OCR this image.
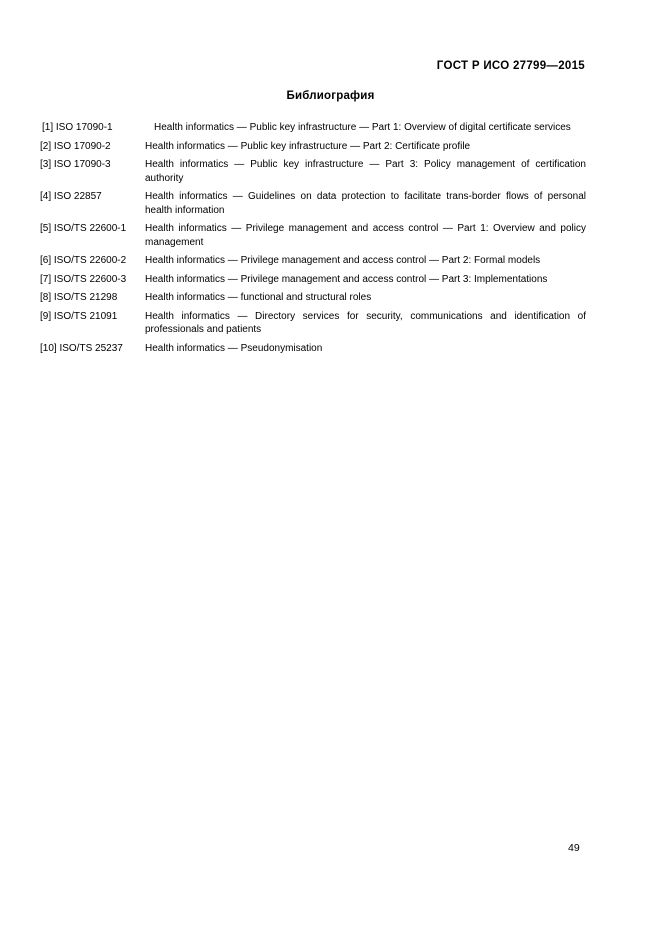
ГОСТ Р ИСО 27799—2015
Библиография
[1] ISO 17090-1	Health informatics — Public key infrastructure — Part 1: Overview of digital certificate services
[2] ISO 17090-2	Health informatics — Public key infrastructure — Part 2: Certificate profile
[3] ISO 17090-3	Health informatics — Public key infrastructure — Part 3: Policy management of certification authority
[4] ISO 22857	Health informatics — Guidelines on data protection to facilitate trans-border flows of personal health information
[5] ISO/TS 22600-1	Health informatics — Privilege management and access control — Part 1: Overview and policy management
[6] ISO/TS 22600-2	Health informatics — Privilege management and access control — Part 2: Formal models
[7] ISO/TS 22600-3	Health informatics — Privilege management and access control — Part 3: Implementations
[8] ISO/TS 21298	Health informatics — functional and structural roles
[9] ISO/TS 21091	Health informatics — Directory services for security, communications and identification of professionals and patients
[10] ISO/TS 25237	Health informatics — Pseudonymisation
49
